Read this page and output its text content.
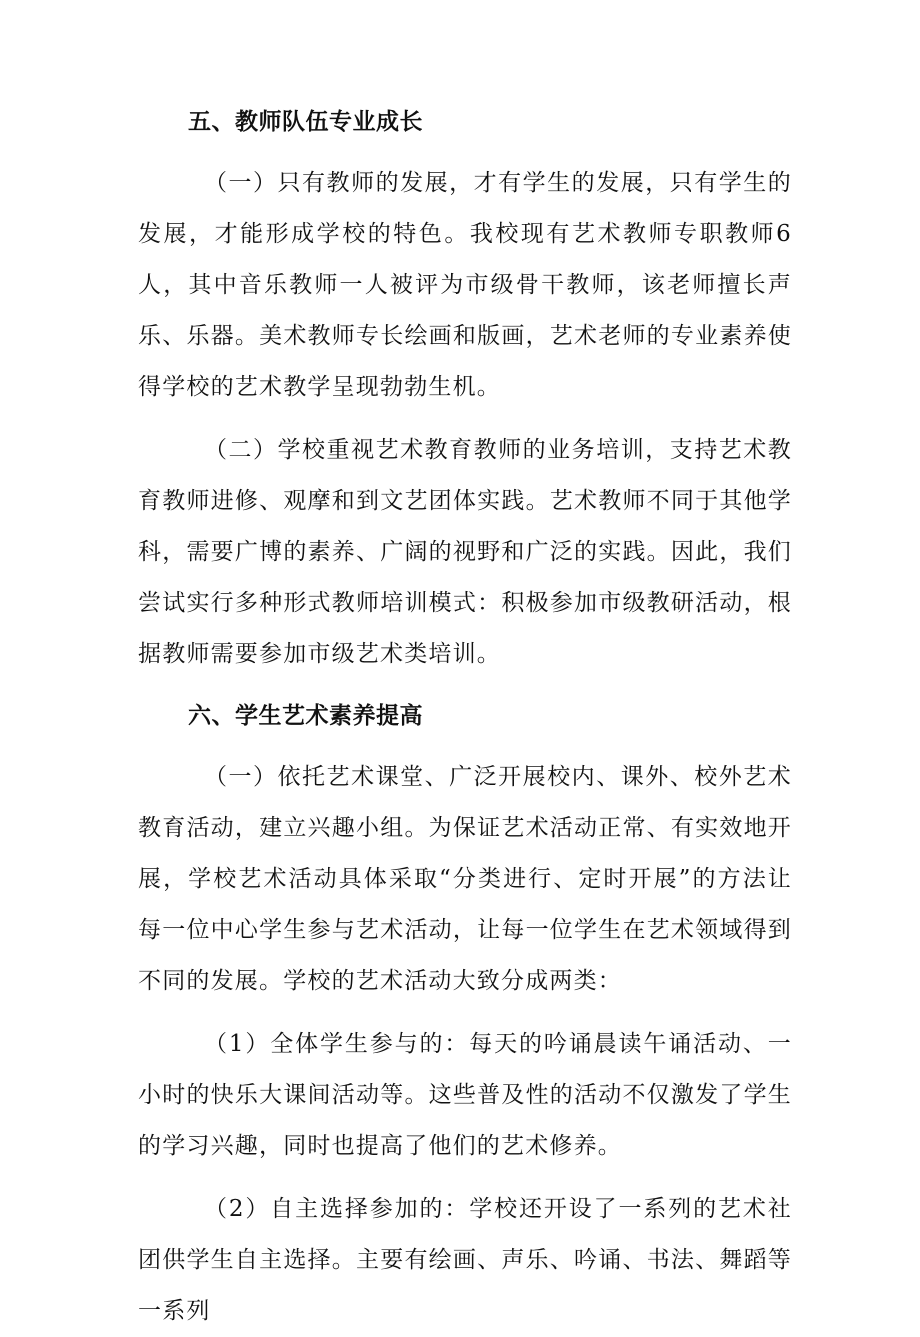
五、教师队伍专业成长

（一）只有教师的发展，才有学生的发展，只有学生的发展，才能形成学校的特色。我校现有艺术教师专职教师6人，其中音乐教师一人被评为市级骨干教师，该老师擅长声乐、乐器。美术教师专长绘画和版画，艺术老师的专业素养使得学校的艺术教学呈现勃勃生机。

（二）学校重视艺术教育教师的业务培训，支持艺术教育教师进修、观摩和到文艺团体实践。艺术教师不同于其他学科，需要广博的素养、广阔的视野和广泛的实践。因此，我们尝试实行多种形式教师培训模式：积极参加市级教研活动，根据教师需要参加市级艺术类培训。

六、学生艺术素养提高

（一）依托艺术课堂、广泛开展校内、课外、校外艺术教育活动，建立兴趣小组。为保证艺术活动正常、有实效地开展，学校艺术活动具体采取“分类进行、定时开展”的方法让每一位中心学生参与艺术活动，让每一位学生在艺术领域得到不同的发展。学校的艺术活动大致分成两类：

（1）全体学生参与的：每天的吟诵晨读午诵活动、一小时的快乐大课间活动等。这些普及性的活动不仅激发了学生的学习兴趣，同时也提高了他们的艺术修养。

（2）自主选择参加的：学校还开设了一系列的艺术社团供学生自主选择。主要有绘画、声乐、吟诵、书法、舞蹈等一系列
